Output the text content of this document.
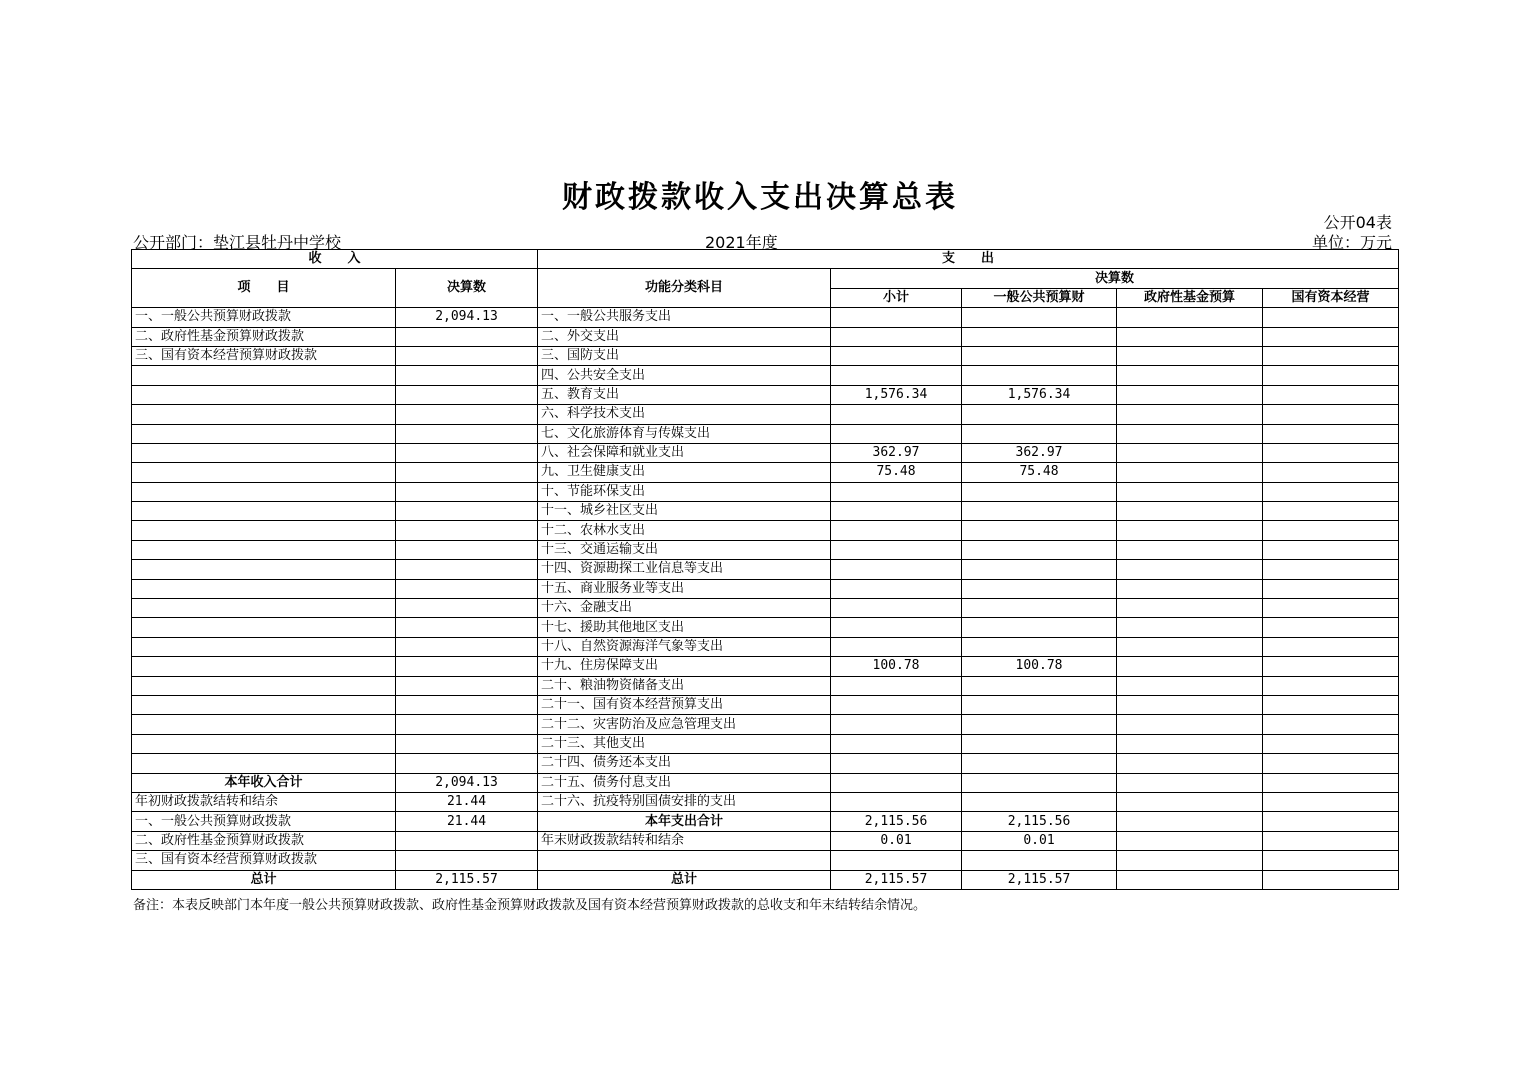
财政拨款收入支出决算总表
公开04表
公开部门：垫江县牡丹中学校	2021年度	单位：万元
收　　入		支　　出				
项　　目	决算数	功能分类科目	决算数			
			小计	一般公共预算财	政府性基金预算	国有资本经营
一、一般公共预算财政拨款	2,094.13	一、一般公共服务支出				
二、政府性基金预算财政拨款		二、外交支出				
三、国有资本经营预算财政拨款		三、国防支出				
		四、公共安全支出				
		五、教育支出	1,576.34	1,576.34		
		六、科学技术支出				
		七、文化旅游体育与传媒支出				
		八、社会保障和就业支出	362.97	362.97		
		九、卫生健康支出	75.48	75.48		
		十、节能环保支出				
		十一、城乡社区支出				
		十二、农林水支出				
		十三、交通运输支出				
		十四、资源勘探工业信息等支出				
		十五、商业服务业等支出				
		十六、金融支出				
		十七、援助其他地区支出				
		十八、自然资源海洋气象等支出				
		十九、住房保障支出	100.78	100.78		
		二十、粮油物资储备支出				
		二十一、国有资本经营预算支出				
		二十二、灾害防治及应急管理支出				
		二十三、其他支出				
		二十四、债务还本支出				
本年收入合计	2,094.13	二十五、债务付息支出				
年初财政拨款结转和结余	21.44	二十六、抗疫特别国债安排的支出				
一、一般公共预算财政拨款	21.44	本年支出合计	2,115.56	2,115.56		
二、政府性基金预算财政拨款		年末财政拨款结转和结余	0.01	0.01		
三、国有资本经营预算财政拨款						
总计	2,115.57	总计	2,115.57	2,115.57		
备注：本表反映部门本年度一般公共预算财政拨款、政府性基金预算财政拨款及国有资本经营预算财政拨款的总收支和年末结转结余情况。
